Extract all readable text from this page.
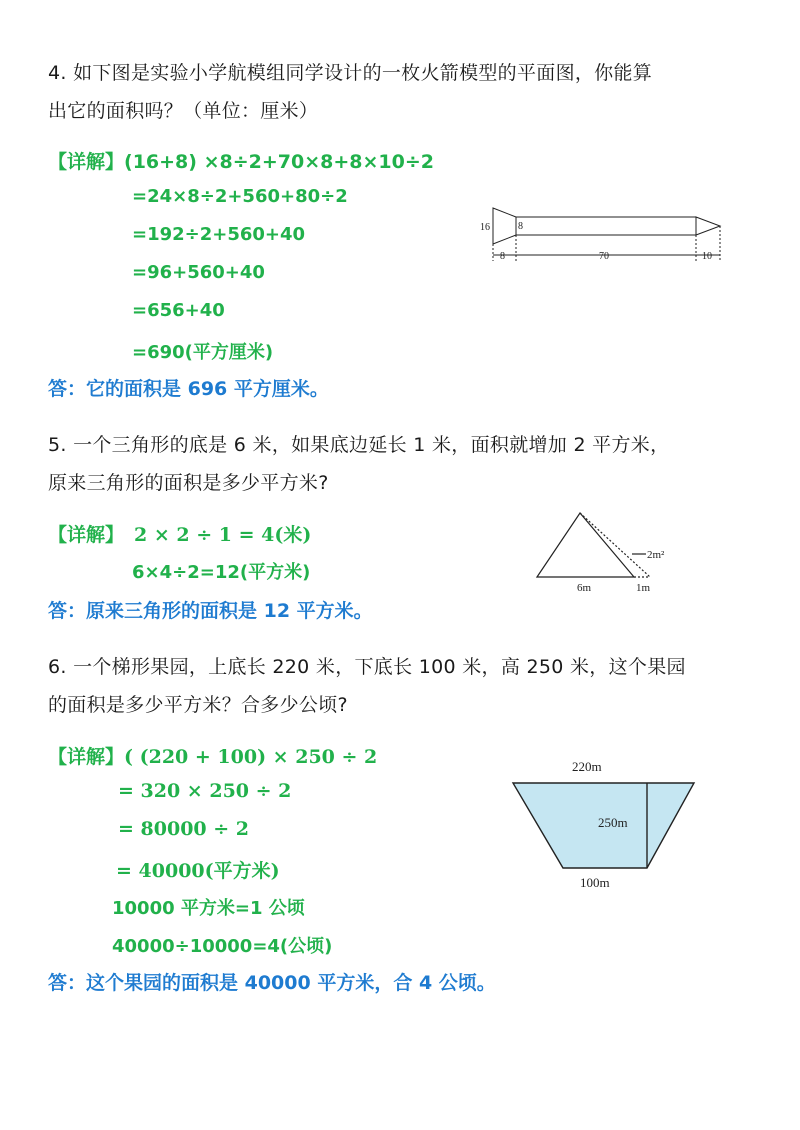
4. 如下图是实验小学航模组同学设计的一枚火箭模型的平面图，你能算
出它的面积吗？（单位：厘米）
【详解】(16+8) ×8÷2+70×8+8×10÷2
=24×8÷2+560+80÷2
=192÷2+560+40
=96+560+40
=656+40
=690(平方厘米)
答：它的面积是 696 平方厘米。
16	8
8	70	10
5. 一个三角形的底是 6 米，如果底边延长 1 米，面积就增加 2 平方米，
原来三角形的面积是多少平方米?
【详解】 2 × 2 ÷ 1 = 4(米)
6×4÷2=12(平方米)
答：原来三角形的面积是 12 平方米。
2m²
6m	1m
6. 一个梯形果园，上底长 220 米，下底长 100 米，高 250 米，这个果园
的面积是多少平方米？合多少公顷?
【详解】( (220 + 100) × 250 ÷ 2
= 320 × 250 ÷ 2
= 80000 ÷ 2
= 40000(平方米)
10000 平方米=1 公顷
40000÷10000=4(公顷)
答：这个果园的面积是 40000 平方米，合 4 公顷。
220m
250m
100m
